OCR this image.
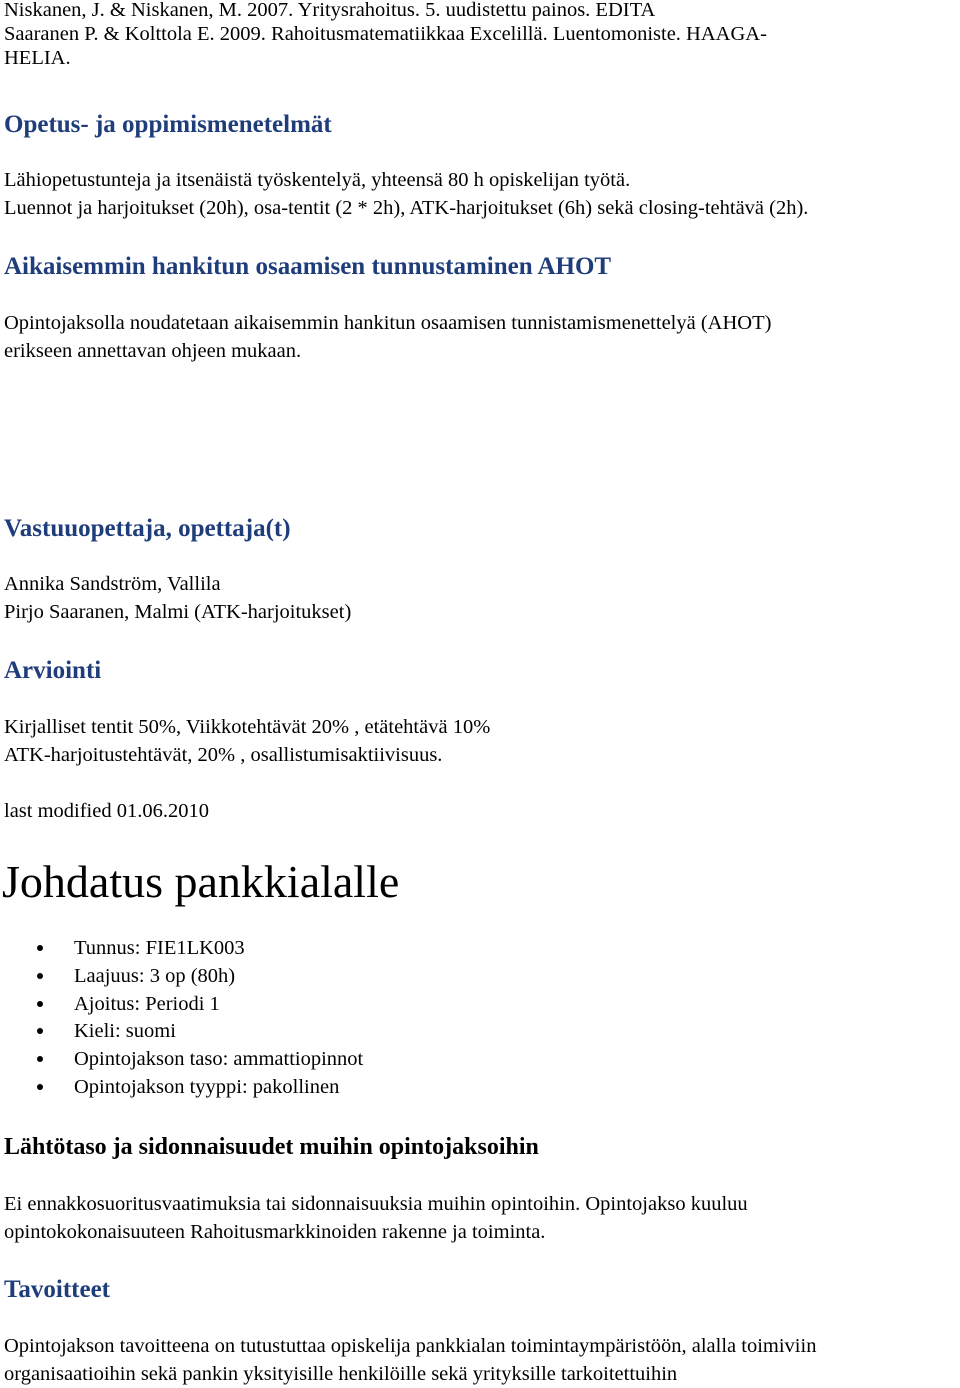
Niskanen, J. & Niskanen, M. 2007. Yritysrahoitus. 5. uudistettu painos. EDITA
Saaranen P. & Kolttola E. 2009. Rahoitusmatematiikkaa Excelillä. Luentomoniste. HAAGA-
HELIA.
Opetus- ja oppimismenetelmät
Lähiopetustunteja ja itsenäistä työskentelyä, yhteensä 80 h opiskelijan työtä.
Luennot ja harjoitukset (20h), osa-tentit (2 * 2h), ATK-harjoitukset (6h) sekä closing-tehtävä (2h).
Aikaisemmin hankitun osaamisen tunnustaminen AHOT
Opintojaksolla noudatetaan aikaisemmin hankitun osaamisen tunnistamismenettelyä (AHOT)
erikseen annettavan ohjeen mukaan.
Vastuuopettaja, opettaja(t)
Annika Sandström, Vallila
Pirjo Saaranen, Malmi (ATK-harjoitukset)
Arviointi
Kirjalliset tentit 50%, Viikkotehtävät 20% , etätehtävä 10%
ATK-harjoitustehtävät, 20% , osallistumisaktiivisuus.
last modified 01.06.2010
Johdatus pankkialalle
Tunnus: FIE1LK003
Laajuus: 3 op (80h)
Ajoitus: Periodi 1
Kieli: suomi
Opintojakson taso: ammattiopinnot
Opintojakson tyyppi: pakollinen
Lähtötaso ja sidonnaisuudet muihin opintojaksoihin
Ei ennakkosuoritusvaatimuksia tai sidonnaisuuksia muihin opintoihin. Opintojakso kuuluu
opintokokonaisuuteen Rahoitusmarkkinoiden rakenne ja toiminta.
Tavoitteet
Opintojakson tavoitteena on tutustuttaa opiskelija pankkialan toimintaympäristöön, alalla toimiviin
organisaatioihin sekä pankin yksityisille henkilöille sekä yrityksille tarkoitettuihin
